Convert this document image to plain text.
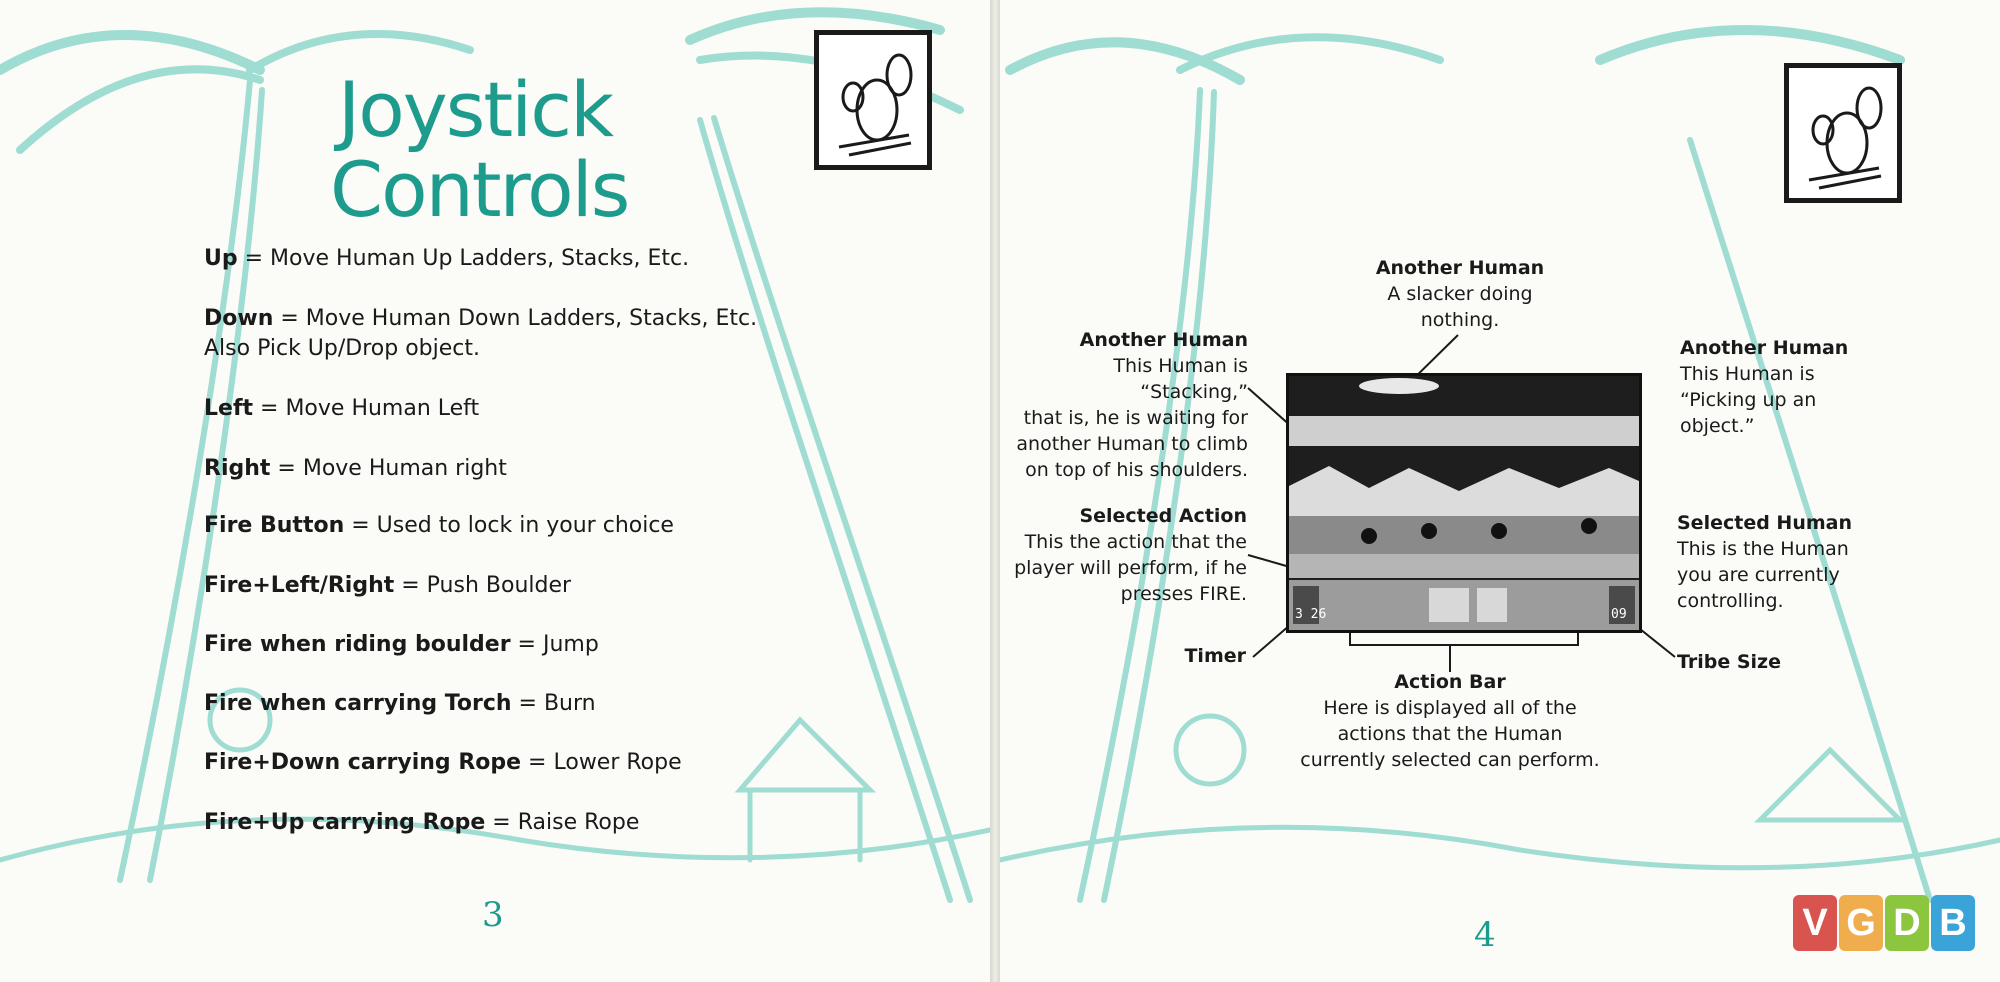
Joystick
Controls
Up = Move Human Up Ladders, Stacks, Etc.
Down = Move Human Down Ladders, Stacks, Etc.
Also Pick Up/Drop object.
Left = Move Human Left
Right = Move Human right
Fire Button = Used to lock in your choice
Fire+Left/Right = Push Boulder
Fire when riding boulder = Jump
Fire when carrying Torch = Burn
Fire+Down carrying Rope = Lower Rope
Fire+Up carrying Rope = Raise Rope
3
3 26	09
Another Human
A slacker doing
nothing.
Another Human
This Human is “Stacking,”
that is, he is waiting for
another Human to climb
on top of his shoulders.
Another Human
This Human is
“Picking up an
object.”
Selected Action
This the action that the
player will perform, if he
presses FIRE.
Selected Human
This is the Human
you are currently
controlling.
Timer	Tribe Size
Action Bar
Here is displayed all of the
actions that the Human
currently selected can perform.
4	V G D B
